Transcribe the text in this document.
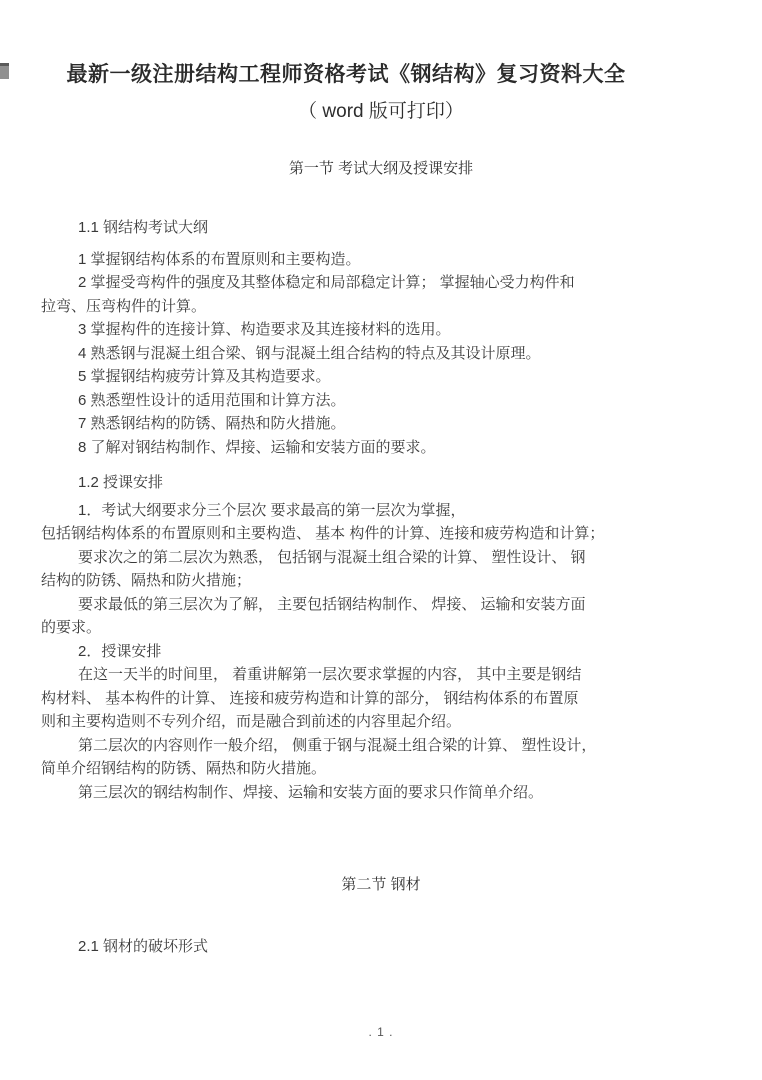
最新一级注册结构工程师资格考试《钢结构》复习资料大全
（ word 版可打印）
第一节 考试大纲及授课安排
1.1 钢结构考试大纲
1 掌握钢结构体系的布置原则和主要构造。
2 掌握受弯构件的强度及其整体稳定和局部稳定计算； 掌握轴心受力构件和
拉弯、压弯构件的计算。
3 掌握构件的连接计算、构造要求及其连接材料的选用。
4 熟悉钢与混凝土组合梁、钢与混凝土组合结构的特点及其设计原理。
5 掌握钢结构疲劳计算及其构造要求。
6 熟悉塑性设计的适用范围和计算方法。
7 熟悉钢结构的防锈、隔热和防火措施。
8 了解对钢结构制作、焊接、运输和安装方面的要求。
1.2 授课安排
1．考试大纲要求分三个层次 要求最高的第一层次为掌握，
包括钢结构体系的布置原则和主要构造、 基本 构件的计算、连接和疲劳构造和计算；
要求次之的第二层次为熟悉， 包括钢与混凝土组合梁的计算、 塑性设计、 钢
结构的防锈、隔热和防火措施；
要求最低的第三层次为了解， 主要包括钢结构制作、 焊接、 运输和安装方面
的要求。
2．授课安排
在这一天半的时间里， 着重讲解第一层次要求掌握的内容， 其中主要是钢结
构材料、 基本构件的计算、 连接和疲劳构造和计算的部分， 钢结构体系的布置原
则和主要构造则不专列介绍，而是融合到前述的内容里起介绍。
第二层次的内容则作一般介绍， 侧重于钢与混凝土组合梁的计算、 塑性设计，
简单介绍钢结构的防锈、隔热和防火措施。
第三层次的钢结构制作、焊接、运输和安装方面的要求只作简单介绍。
第二节 钢材
2.1 钢材的破坏形式
. 1 .
